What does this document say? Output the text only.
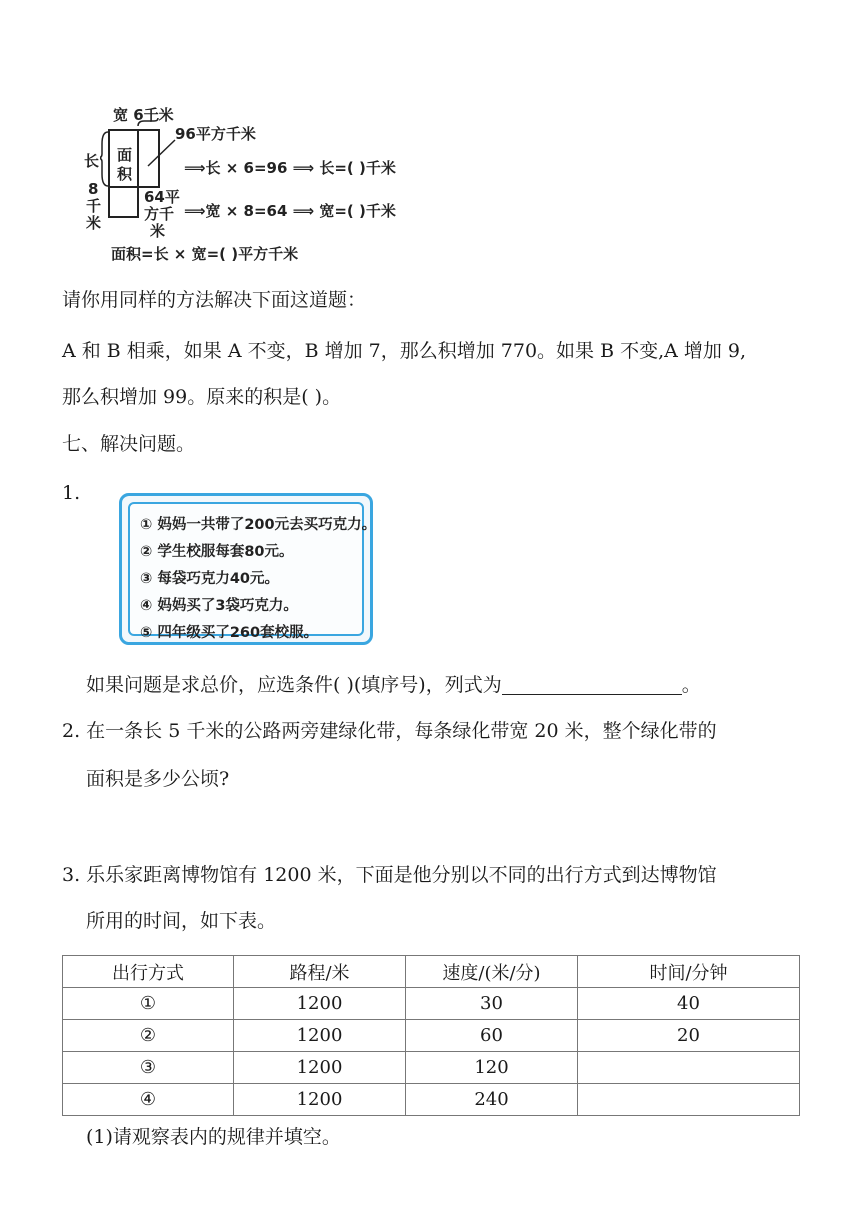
宽 6千米
96平方千米
面
积
长
8
千
米
64平
方千
米
⟹长 × 6=96 ⟹ 长=( )千米
⟹宽 × 8=64 ⟹ 宽=( )千米
面积=长 × 宽=( )平方千米
请你用同样的方法解决下面这道题：
A 和 B 相乘，如果 A 不变，B 增加 7，那么积增加 770。如果 B 不变,A 增加 9,
那么积增加 99。原来的积是( )。
七、解决问题。
1.
① 妈妈一共带了200元去买巧克力。
② 学生校服每套80元。
③ 每袋巧克力40元。
④ 妈妈买了3袋巧克力。
⑤ 四年级买了260套校服。
如果问题是求总价，应选条件( )(填序号)，列式为	。
2. 在一条长 5 千米的公路两旁建绿化带，每条绿化带宽 20 米，整个绿化带的
面积是多少公顷?
3. 乐乐家距离博物馆有 1200 米，下面是他分别以不同的出行方式到达博物馆
所用的时间，如下表。
出行方式	路程/米	速度/(米/分)	时间/分钟
①	1200	30	40
②	1200	60	20
③	1200	120	
④	1200	240	
(1)请观察表内的规律并填空。
